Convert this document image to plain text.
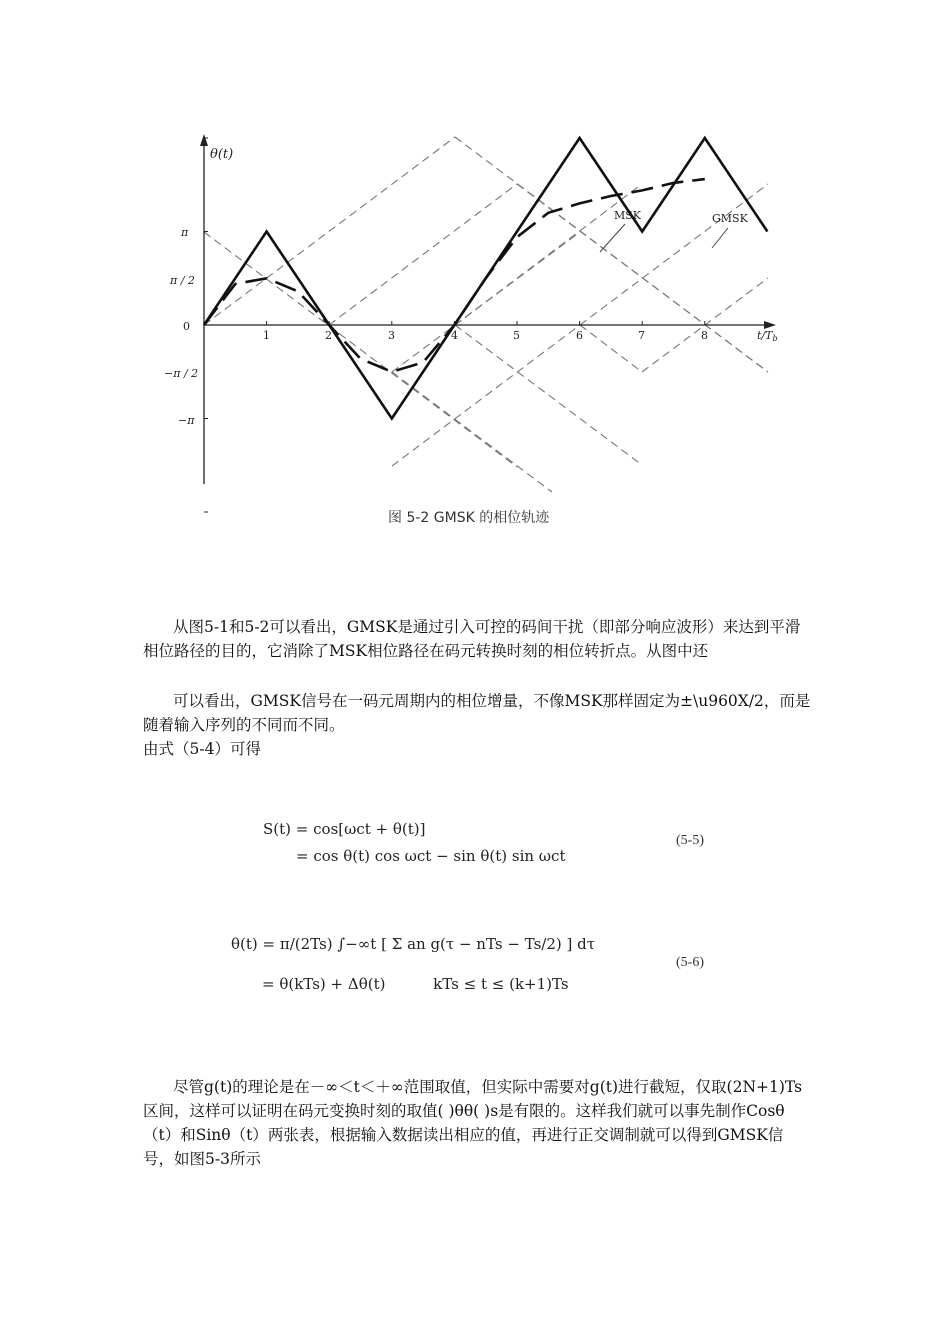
θ(t)
π
π / 2
0
−π / 2
−π
1	2	3	4	5	6	7	8	t/Tb
MSK	GMSK
图 5-2 GMSK 的相位轨迹
从图5-1和5-2可以看出，GMSK是通过引入可控的码间干扰（即部分响应波形）来达到平滑相位路径的目的，它消除了MSK相位路径在码元转换时刻的相位转折点。从图中还
可以看出，GMSK信号在一码元周期内的相位增量，不像MSK那样固定为±\u960X/2，而是随着输入序列的不同而不同。
由式（5-4）可得
S(t) = cos[ωct + θ(t)]
= cos θ(t) cos ωct − sin θ(t) sin ωct
(5-5)
θ(t) = π/(2Ts) ∫−∞t [ Σ an g(τ − nTs − Ts/2) ] dτ
= θ(kTs) + Δθ(t)          kTs ≤ t ≤ (k+1)Ts
(5-6)
尽管g(t)的理论是在－∞＜t＜＋∞范围取值，但实际中需要对g(t)进行截短，仅取(2N+1)Ts区间，这样可以证明在码元变换时刻的取值( )θθ( )s是有限的。这样我们就可以事先制作Cosθ（t）和Sinθ（t）两张表，根据输入数据读出相应的值，再进行正交调制就可以得到GMSK信号，如图5-3所示
